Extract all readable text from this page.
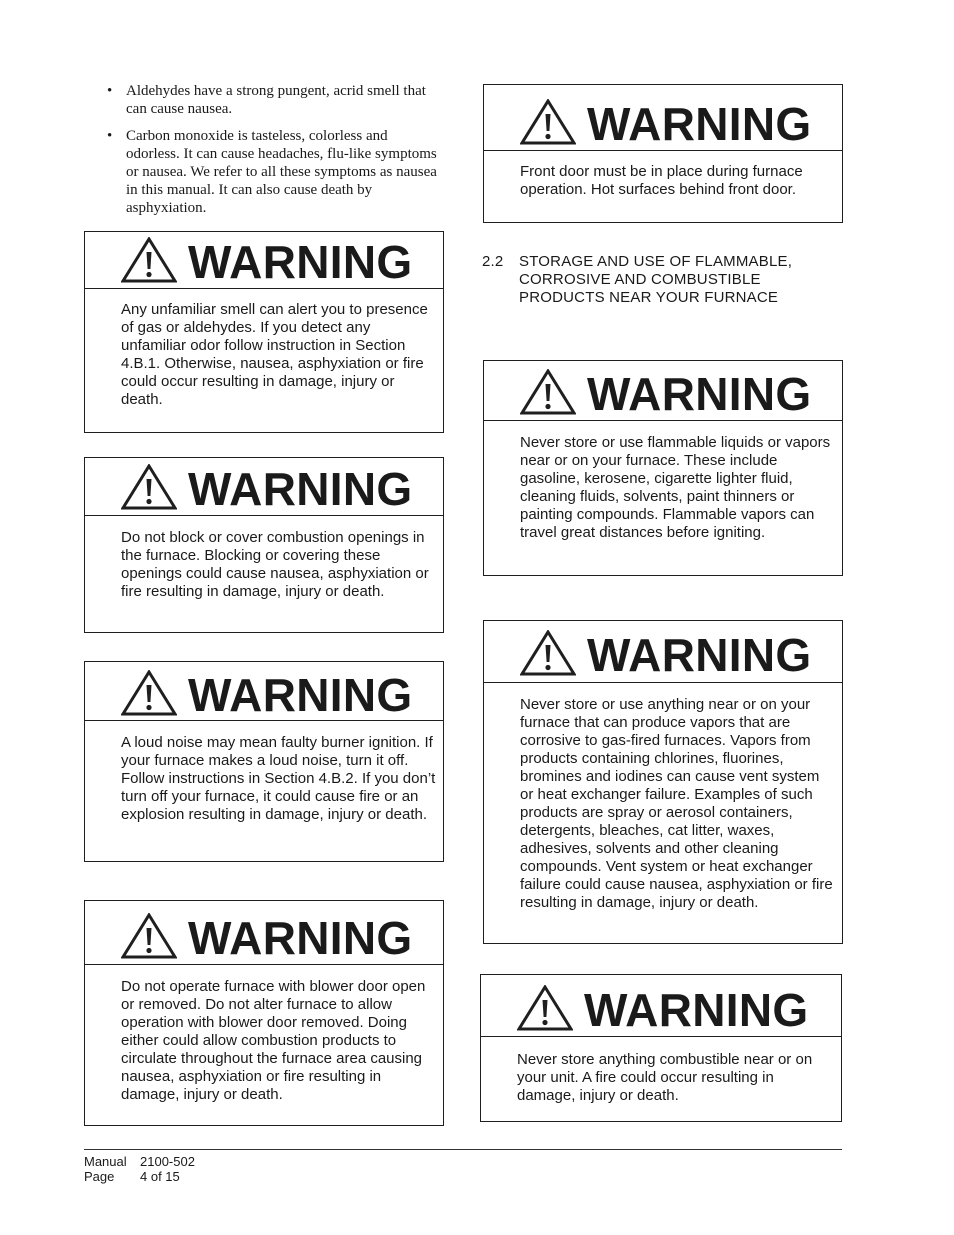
• Aldehydes have a strong pungent, acrid smell that can cause nausea.
• Carbon monoxide is tasteless, colorless and odorless. It can cause headaches, flu-like symptoms or nausea. We refer to all these symptoms as nausea in this manual. It can also cause death by asphyxiation.
WARNING
Any unfamiliar smell can alert you to presence of gas or aldehydes. If you detect any unfamiliar odor follow instruction in Section 4.B.1. Otherwise, nausea, asphyxiation or fire could occur resulting in damage, injury or death.
WARNING
Do not block or cover combustion openings in the furnace. Blocking or covering these openings could cause nausea, asphyxiation or fire resulting in damage, injury or death.
WARNING
A loud noise may mean faulty burner ignition. If your furnace makes a loud noise, turn it off. Follow instructions in Section 4.B.2. If you don’t turn off your furnace, it could cause fire or an explosion resulting in damage, injury or death.
WARNING
Do not operate furnace with blower door open or removed. Do not alter furnace to allow operation with blower door removed. Doing either could allow combustion products to circulate throughout the furnace area causing nausea, asphyxiation or fire resulting in damage, injury or death.
WARNING
Front door must be in place during furnace operation. Hot surfaces behind front door.
2.2 STORAGE AND USE OF FLAMMABLE, CORROSIVE AND COMBUSTIBLE PRODUCTS NEAR YOUR FURNACE
WARNING
Never store or use flammable liquids or vapors near or on your furnace. These include gasoline, kerosene, cigarette lighter fluid, cleaning fluids, solvents, paint thinners or painting compounds. Flammable vapors can travel great distances before igniting.
WARNING
Never store or use anything near or on your furnace that can produce vapors that are corrosive to gas-fired furnaces. Vapors from products containing chlorines, fluorines, bromines and iodines can cause vent system or heat exchanger failure. Examples of such products are spray or aerosol containers, detergents, bleaches, cat litter, waxes, adhesives, solvents and other cleaning compounds. Vent system or heat exchanger failure could cause nausea, asphyxiation or fire resulting in damage, injury or death.
WARNING
Never store anything combustible near or on your unit. A fire could occur resulting in damage, injury or death.
Manual	2100-502
Page	4 of 15
